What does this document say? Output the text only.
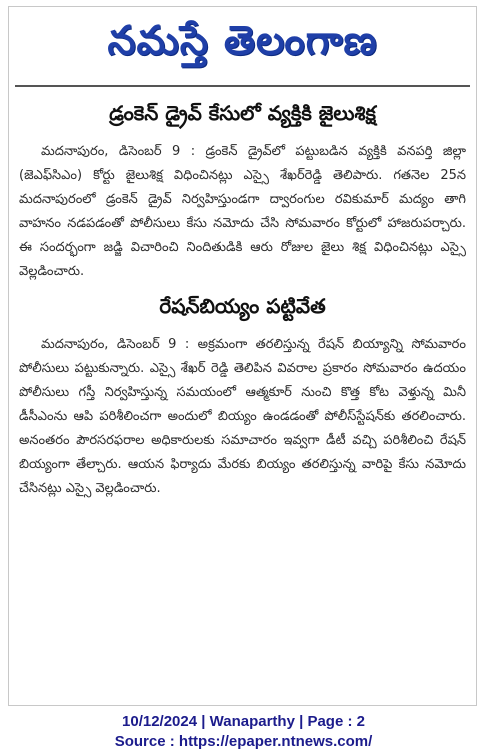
నమస్తే తెలంగాణ
డ్రంకెన్ డ్రైవ్ కేసులో వ్యక్తికి జైలుశిక్ష
మదనాపురం, డిసెంబర్ 9 : డ్రంకెన్ డ్రైవ్‌లో పట్టుబడిన వ్యక్తికి వనపర్తి జిల్లా (జెఎఫ్‌సిఎం) కోర్టు జైలుశిక్ష విధించినట్లు ఎస్సై శేఖర్‌రెడ్డి తెలిపారు. గతనెల 25న మదనాపురంలో డ్రంకెన్ డ్రైవ్ నిర్వహిస్తుండగా ద్వారంగుల రవికుమార్ మద్యం తాగి వాహనం నడపడంతో పోలీసులు కేసు నమోదు చేసి సోమవారం కోర్టులో హాజరుపర్చారు. ఈ సందర్భంగా జడ్జి విచారించి నిందితుడికి ఆరు రోజుల జైలు శిక్ష విధించినట్లు ఎస్సై వెల్లడించారు.
రేషన్‌బియ్యం పట్టివేత
మదనాపురం, డిసెంబర్ 9 : అక్రమంగా తరలిస్తున్న రేషన్ బియ్యాన్ని సోమవారం పోలీసులు పట్టుకున్నారు. ఎస్సై శేఖర్ రెడ్డి తెలిపిన వివరాల ప్రకారం సోమవారం ఉదయం పోలీసులు గస్తీ నిర్వహిస్తున్న సమయంలో ఆత్మకూర్ నుంచి కొత్త కోట వెళ్తున్న మినీ డీసీఎంను ఆపి పరిశీలించగా అందులో బియ్యం ఉండడంతో పోలీస్‌స్టేషన్‌కు తరలించారు. అనంతరం పౌరసరఫరాల అధికారులకు సమాచారం ఇవ్వగా డీటీ వచ్చి పరిశీలించి రేషన్ బియ్యంగా తేల్చారు. ఆయన ఫిర్యాదు మేరకు బియ్యం తరలిస్తున్న వారిపై కేసు నమోదు చేసినట్లు ఎస్సై వెల్లడించారు.
10/12/2024 | Wanaparthy | Page : 2
Source : https://epaper.ntnews.com/
